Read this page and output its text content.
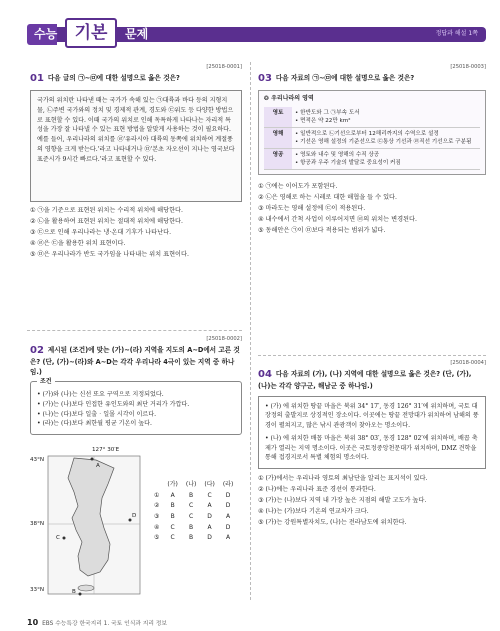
수능	기본	문제	정답과 해설 1쪽
[25018-0001]
01 다음 글의 ㉠~㉤에 대한 설명으로 옳은 것은?
국가의 위치란 나타낸 때는 국가가 속해 있는 ㉠대륙과 바다 등의 지형지물, ㉡주변 국가와의 정치 및 경제적 관계, 경도와 ㉢위도 등 다양한 방법으로 표현할 수 있다. 이때 국가의 위치로 인해 독특하게 나타나는 자리적 특성을 가장 잘 나타낼 수 있는 표현 방법을 알맞게 사용하는 것이 필요하다. 예를 들어, 우리나라의 위치를 ㉣'유라시아 대륙의 동쪽에 위치하여 계절풍의 영향을 크게 받는다.'라고 나타내거나 ㉤'본초 자오선이 지나는 영국보다 표준시가 9시간 빠르다.'라고 표현할 수 있다.
① ㉠을 기준으로 표현된 위치는 수리적 위치에 해당한다.
② ㉡을 활용하여 표현된 위치는 절대적 위치에 해당한다.
③ ㉢으로 인해 우리나라는 냉‧온대 기후가 나타난다.
④ ㉣은 ㉢을 활용한 위치 표현이다.
⑤ ㉤은 우리나라가 반도 국가임을 나타내는 위치 표현이다.
[25018-0002]
02 제시된 (조건)에 맞는 (가)~(라) 지역을 지도의 A~D에서 고른 것은? (단, (가)~(라)와 A~D는 각각 우리나라 4극이 있는 지역 중 하나임.)
조건
• (가)와 (나)는 신선 또요 구역으로 지정되었다.
• (가)는 (나)보다 인접한 유인도와의 최단 거리가 가깝다.
• (나)는 (다)보다 일출‧일몰 시각이 이르다.
• (라)는 (다)보다 최한월 평균 기온이 높다.
127° 30′E
43°N
38°N
33°N
A
B
C
D
	(가)	(나)	(다)	(라)
①	A	B	C	D
②	B	C	A	D
③	B	C	D	A
④	C	B	A	D
⑤	C	B	D	A
[25018-0003]
03 다음 자료의 ㉠~㉤에 대한 설명으로 옳은 것은?
❂ 우리나라의 영역
영토	• 한반도와 그 ㉠부속 도서
• 면적은 약 22만 km²

영해	• 일반적으로 ㉡기선으로부터 12해리까지의 수역으로 설정
• 기선은 영해 설정의 기준선으로 ㉢통상 기선과 ㉣직선 기선으로 구분됨

영공	• 영토와 내수 및 영해의 수직 상공
• 항공과 우주 기술의 발달로 중요성이 커짐
① ㉠에는 이어도가 포함된다.
② ㉡은 영해로 하는 시레로 대한 해협을 들 수 있다.
③ 마라도는 영해 설정에 ㉢이 적용된다.
④ 내수에서 간척 사업이 이루어지면 ㉣의 위치는 변경된다.
⑤ 동해안은 ㉠이 ㉤보다 적용되는 범위가 넓다.
[25018-0004]
04 다음 자료의 (가), (나) 지역에 대한 설명으로 옳은 것은? (단, (가), (나)는 각각 양구군, 해남군 중 하나임.)
• (가) 에 위치한 땅끝 마을은 북위 34° 17′, 동경 126° 31′에 위치하며, 국토 대장정의 출발지로 상징적인 장소이다. 이곳에는 땅끝 전망대가 위치하여 남해의 풍경이 펼쳐지고, 많은 낚시 관광객이 찾아오는 명소이다.
• (나) 에 위치한 배꼽 마을은 북위 38° 03′, 동경 128° 02′에 위치하며, 배꼽 축제가 열리는 지역 명소이다. 이곳은 국토정중앙천문대가 위치하며, DMZ 견학을 통해 접경지로서 특별 체험의 명소이다.
① (가)에서는 우리나라 영토의 최남단을 알리는 표지석이 있다.
② (나)에는 우리나라 표준 경선이 통과한다.
③ (가)는 (나)보다 지역 내 가장 높은 지점의 해발 고도가 높다.
④ (나)는 (가)보다 기온의 연교차가 크다.
⑤ (가)는 강원특별자치도, (나)는 전라남도에 위치한다.
10 EBS 수능특강 한국지리 1. 국토 인식과 지리 정보
